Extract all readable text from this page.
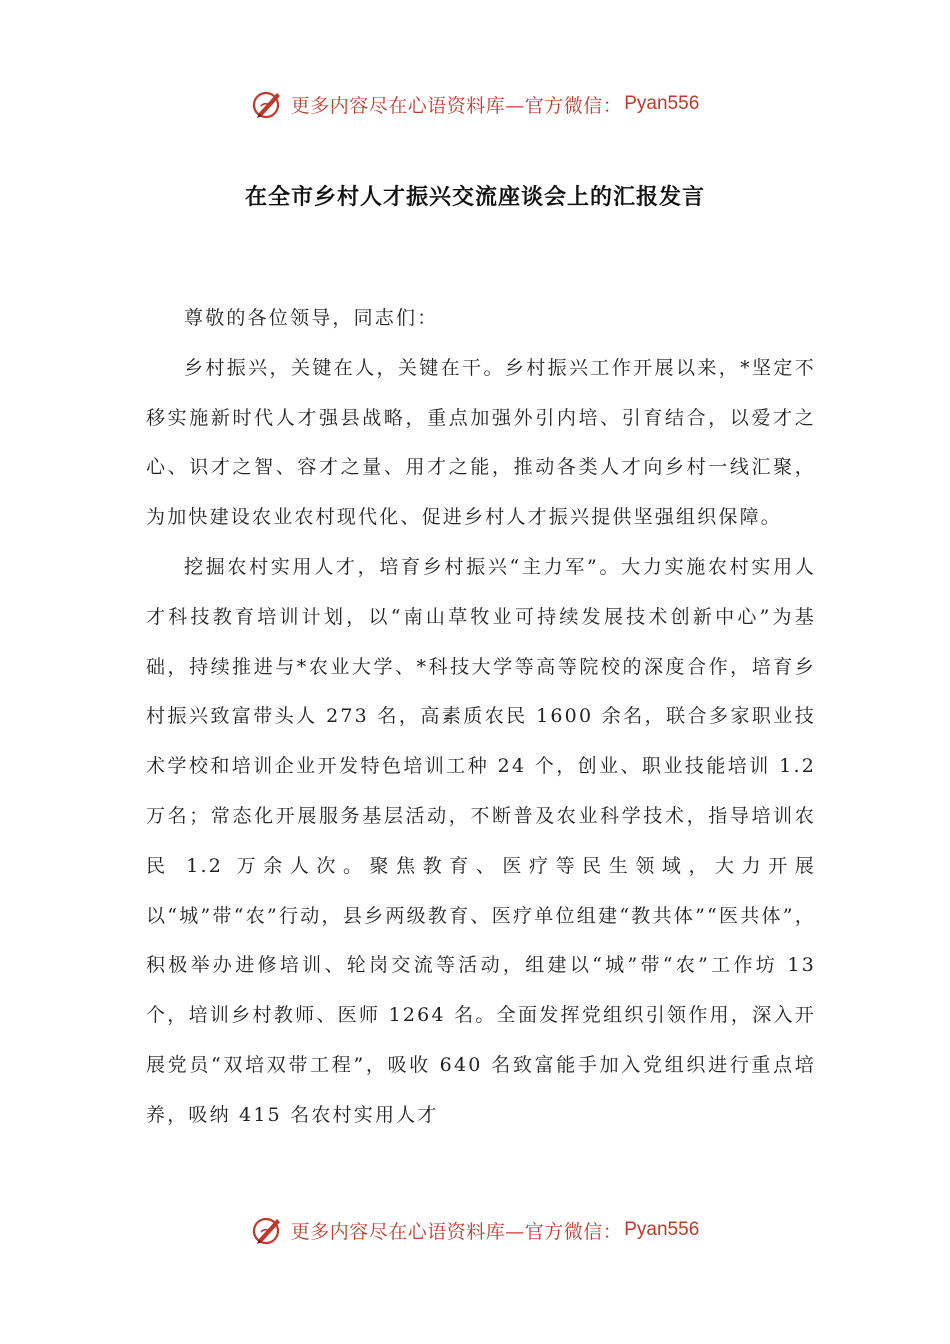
更多内容尽在心语资料库—官方微信： Pyan556
在全市乡村人才振兴交流座谈会上的汇报发言

尊敬的各位领导，同志们：

乡村振兴，关键在人，关键在干。乡村振兴工作开展以来，*坚定不移实施新时代人才强县战略，重点加强外引内培、引育结合，以爱才之心、识才之智、容才之量、用才之能，推动各类人才向乡村一线汇聚，为加快建设农业农村现代化、促进乡村人才振兴提供坚强组织保障。

挖掘农村实用人才，培育乡村振兴“主力军”。大力实施农村实用人才科技教育培训计划，以“南山草牧业可持续发展技术创新中心”为基础，持续推进与*农业大学、*科技大学等高等院校的深度合作，培育乡村振兴致富带头人 273 名，高素质农民 1600 余名，联合多家职业技术学校和培训企业开发特色培训工种 24 个，创业、职业技能培训 1.2 万名；常态化开展服务基层活动，不断普及农业科学技术，指导培训农民 1.2 万余人次。聚焦教育、医疗等民生领域，大力开展以“城”带“农”行动，县乡两级教育、医疗单位组建“教共体”“医共体”，积极举办进修培训、轮岗交流等活动，组建以“城”带“农”工作坊 13 个，培训乡村教师、医师 1264 名。全面发挥党组织引领作用，深入开展党员“双培双带工程”，吸收 640 名致富能手加入党组织进行重点培养，吸纳 415 名农村实用人才

更多内容尽在心语资料库—官方微信： Pyan556
